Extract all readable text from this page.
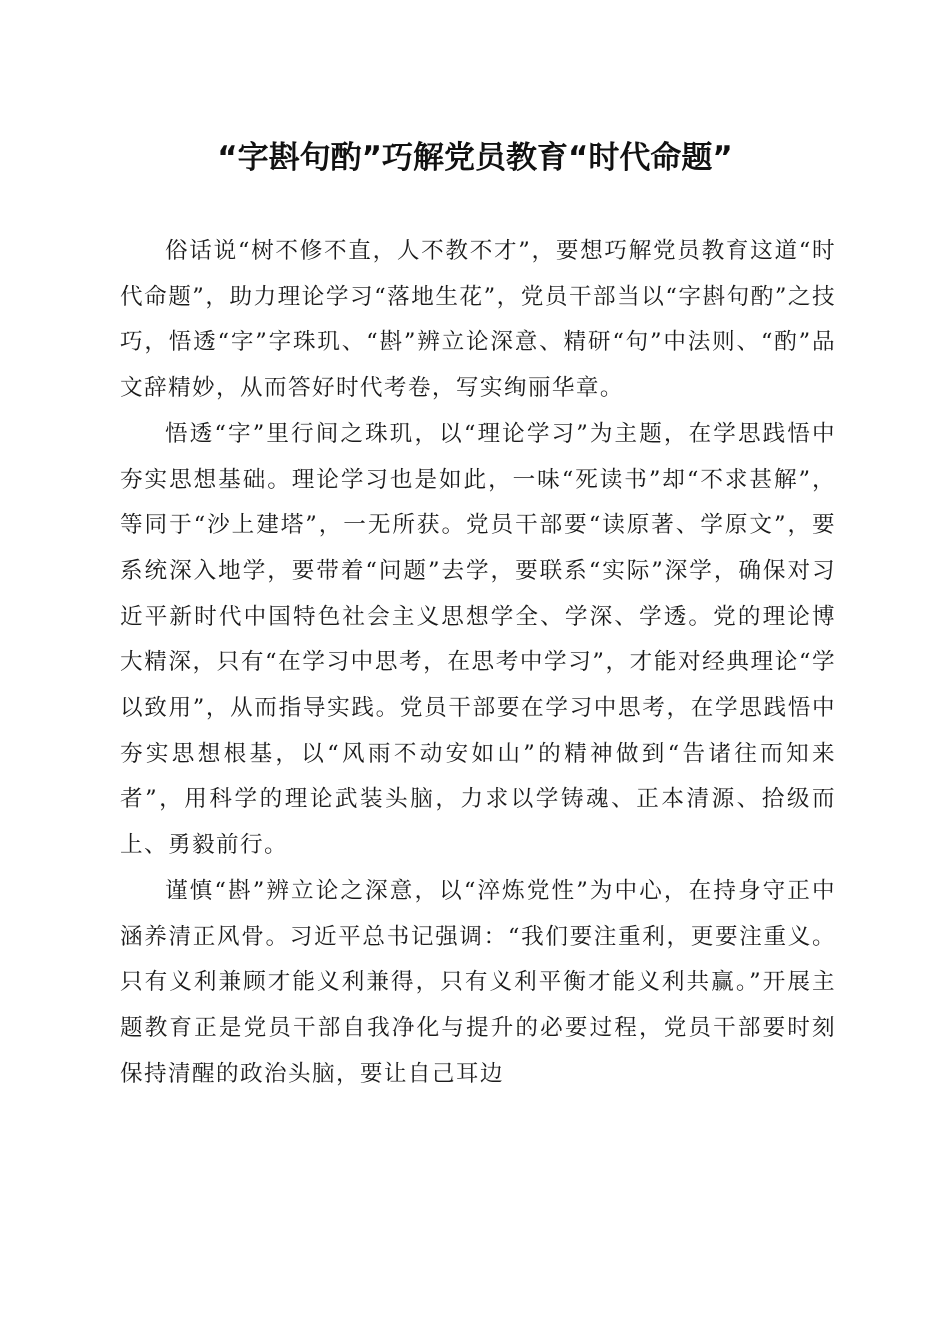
“字斟句酌”巧解党员教育“时代命题”

俗话说“树不修不直，人不教不才”，要想巧解党员教育这道“时代命题”，助力理论学习“落地生花”，党员干部当以“字斟句酌”之技巧，悟透“字”字珠玑、“斟”辨立论深意、精研“句”中法则、“酌”品文辞精妙，从而答好时代考卷，写实绚丽华章。

悟透“字”里行间之珠玑，以“理论学习”为主题，在学思践悟中夯实思想基础。理论学习也是如此，一味“死读书”却“不求甚解”，等同于“沙上建塔”，一无所获。党员干部要“读原著、学原文”，要系统深入地学，要带着“问题”去学，要联系“实际”深学，确保对习近平新时代中国特色社会主义思想学全、学深、学透。党的理论博大精深，只有“在学习中思考，在思考中学习”，才能对经典理论“学以致用”，从而指导实践。党员干部要在学习中思考，在学思践悟中夯实思想根基，以“风雨不动安如山”的精神做到“告诸往而知来者”，用科学的理论武装头脑，力求以学铸魂、正本清源、拾级而上、勇毅前行。

谨慎“斟”辨立论之深意，以“淬炼党性”为中心，在持身守正中涵养清正风骨。习近平总书记强调：“我们要注重利，更要注重义。只有义利兼顾才能义利兼得，只有义利平衡才能义利共赢。”开展主题教育正是党员干部自我净化与提升的必要过程，党员干部要时刻保持清醒的政治头脑，要让自己耳边
